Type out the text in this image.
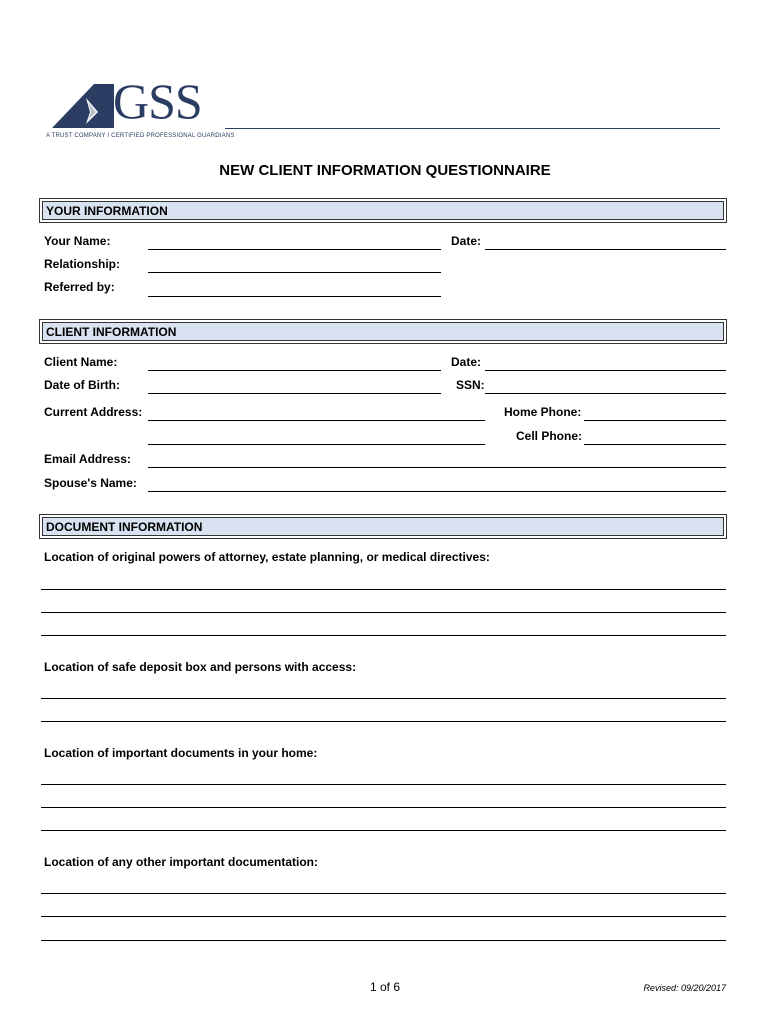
GSS
A TRUST COMPANY I CERTIFIED PROFESSIONAL GUARDIANS
NEW CLIENT INFORMATION QUESTIONNAIRE
YOUR INFORMATION
Your Name:	Date:
Relationship:
Referred by:
CLIENT INFORMATION
Client Name:	Date:
Date of Birth:	SSN:
Current Address:	Home Phone:
Cell Phone:
Email Address:
Spouse's Name:
DOCUMENT INFORMATION
Location of original powers of attorney, estate planning, or medical directives:
Location of safe deposit box and persons with access:
Location of important documents in your home:
Location of any other important documentation:
1 of 6	Revised: 09/20/2017
